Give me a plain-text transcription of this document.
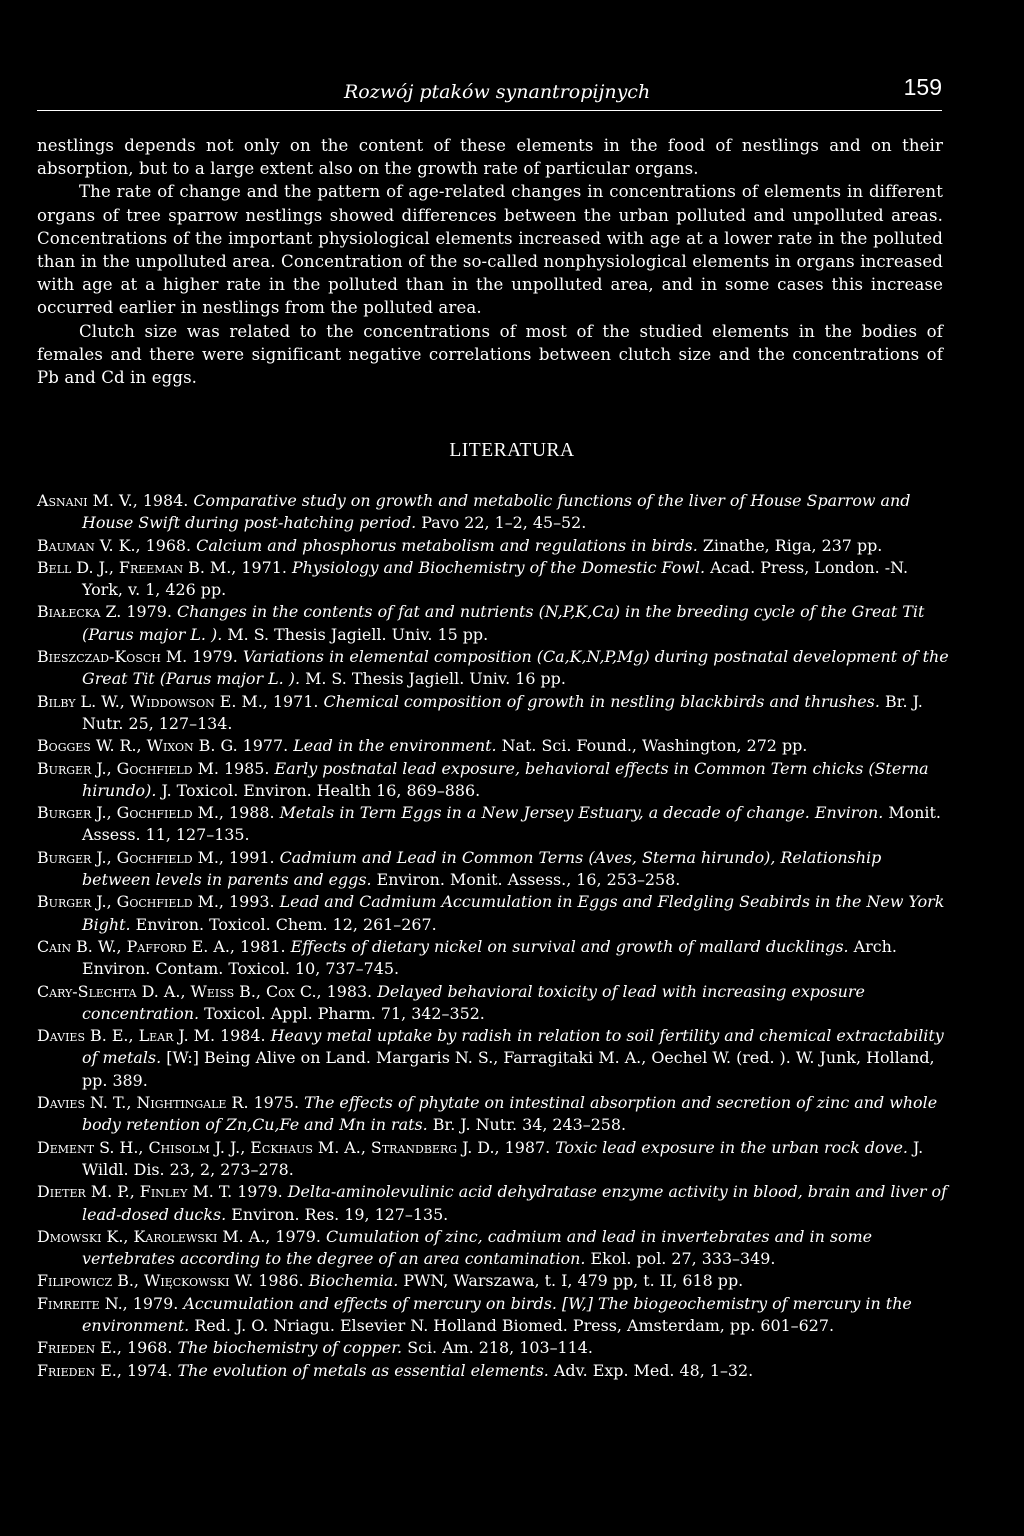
Rozwój ptaków synantropijnych	159

nestlings depends not only on the content of these elements in the food of nestlings and on their absorption, but to a large extent also on the growth rate of particular organs.

The rate of change and the pattern of age-related changes in concentrations of elements in different organs of tree sparrow nestlings showed differences between the urban polluted and unpolluted areas. Concentrations of the important physiological elements increased with age at a lower rate in the polluted than in the unpolluted area. Concentration of the so-called nonphysiological elements in organs increased with age at a higher rate in the polluted than in the unpolluted area, and in some cases this increase occurred earlier in nestlings from the polluted area.

Clutch size was related to the concentrations of most of the studied elements in the bodies of females and there were significant negative correlations between clutch size and the concentrations of Pb and Cd in eggs.

LITERATURA
Asnani M. V., 1984. Comparative study on growth and metabolic functions of the liver of House Sparrow and House Swift during post-hatching period. Pavo 22, 1–2, 45–52.
Bauman V. K., 1968. Calcium and phosphorus metabolism and regulations in birds. Zinathe, Riga, 237 pp.
Bell D. J., Freeman B. M., 1971. Physiology and Biochemistry of the Domestic Fowl. Acad. Press, London. -N. York, v. 1, 426 pp.
Białecka Z. 1979. Changes in the contents of fat and nutrients (N,P,K,Ca) in the breeding cycle of the Great Tit (Parus major L. ). M. S. Thesis Jagiell. Univ. 15 pp.
Bieszczad-Kosch M. 1979. Variations in elemental composition (Ca,K,N,P,Mg) during postnatal development of the Great Tit (Parus major L. ). M. S. Thesis Jagiell. Univ. 16 pp.
Bilby L. W., Widdowson E. M., 1971. Chemical composition of growth in nestling blackbirds and thrushes. Br. J. Nutr. 25, 127–134.
Bogges W. R., Wixon B. G. 1977. Lead in the environment. Nat. Sci. Found., Washington, 272 pp.
Burger J., Gochfield M. 1985. Early postnatal lead exposure, behavioral effects in Common Tern chicks (Sterna hirundo). J. Toxicol. Environ. Health 16, 869–886.
Burger J., Gochfield M., 1988. Metals in Tern Eggs in a New Jersey Estuary, a decade of change. Environ. Monit. Assess. 11, 127–135.
Burger J., Gochfield M., 1991. Cadmium and Lead in Common Terns (Aves, Sterna hirundo), Relationship between levels in parents and eggs. Environ. Monit. Assess., 16, 253–258.
Burger J., Gochfield M., 1993. Lead and Cadmium Accumulation in Eggs and Fledgling Seabirds in the New York Bight. Environ. Toxicol. Chem. 12, 261–267.
Cain B. W., Pafford E. A., 1981. Effects of dietary nickel on survival and growth of mallard ducklings. Arch. Environ. Contam. Toxicol. 10, 737–745.
Cary-Slechta D. A., Weiss B., Cox C., 1983. Delayed behavioral toxicity of lead with increasing exposure concentration. Toxicol. Appl. Pharm. 71, 342–352.
Davies B. E., Lear J. M. 1984. Heavy metal uptake by radish in relation to soil fertility and chemical extractability of metals. [W:] Being Alive on Land. Margaris N. S., Farragitaki M. A., Oechel W. (red. ). W. Junk, Holland, pp. 389.
Davies N. T., Nightingale R. 1975. The effects of phytate on intestinal absorption and secretion of zinc and whole body retention of Zn,Cu,Fe and Mn in rats. Br. J. Nutr. 34, 243–258.
Dement S. H., Chisolm J. J., Eckhaus M. A., Strandberg J. D., 1987. Toxic lead exposure in the urban rock dove. J. Wildl. Dis. 23, 2, 273–278.
Dieter M. P., Finley M. T. 1979. Delta-aminolevulinic acid dehydratase enzyme activity in blood, brain and liver of lead-dosed ducks. Environ. Res. 19, 127–135.
Dmowski K., Karolewski M. A., 1979. Cumulation of zinc, cadmium and lead in invertebrates and in some vertebrates according to the degree of an area contamination. Ekol. pol. 27, 333–349.
Filipowicz B., Więckowski W. 1986. Biochemia. PWN, Warszawa, t. I, 479 pp, t. II, 618 pp.
Fimreite N., 1979. Accumulation and effects of mercury on birds. [W,] The biogeochemistry of mercury in the environment. Red. J. O. Nriagu. Elsevier N. Holland Biomed. Press, Amsterdam, pp. 601–627.
Frieden E., 1968. The biochemistry of copper. Sci. Am. 218, 103–114.
Frieden E., 1974. The evolution of metals as essential elements. Adv. Exp. Med. 48, 1–32.
